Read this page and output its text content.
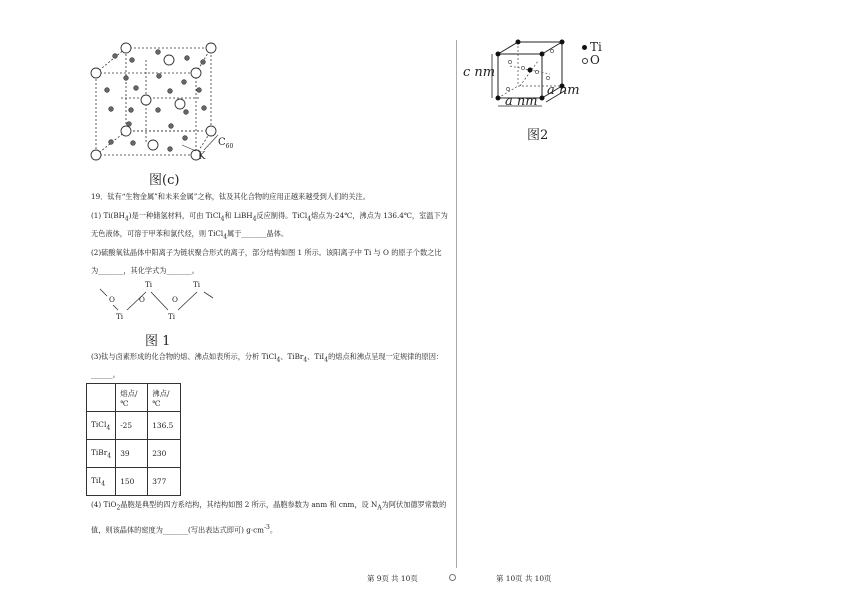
K
$C_{60}$
图(c)
19．钛有“生物金属”和未来金属”之称，钛及其化合物的应用正越来越受到人们的关注。
(1) $Ti(BH_4)$是一种储氢材料，可由 TiCl$_4$和 LiBH$_4$反应制得。TiCl$_4$熔点为-24℃，沸点为 136.4℃，室温下为
无色液体，可溶于甲苯和氯代烃，则 TiCl$_4$属于_______晶体。
(2)硫酸氧钛晶体中阳离子为链状聚合形式的离子，部分结构如图 1 所示。该阳离子中 Ti 与 O 的原子个数之比
为_______，其化学式为_______。
O
Ti
Ti
O	O
Ti
Ti
图 1
(3)钛与卤素形成的化合物的熔、沸点如表所示，分析 TiCl$_4$、TiBr$_4$、TiI$_4$的熔点和沸点呈现一定规律的原因：
______。
	熔点/℃	沸点/℃
TiCl$_4$	-25	136.5
TiBr$_4$	39	230
TiI$_4$	150	377
(4) TiO$_2$晶胞是典型的四方系结构，其结构如图 2 所示，晶胞参数为 anm 和 cnm，设 $N_A$为阿伏加德罗常数的
值，则该晶体的密度为_______(写出表达式即可) $g\cdot cm^{-3}$。
c nm
a nm
a nm
Ti
O
图2
第 9页 共 10页	第 10页 共 10页
